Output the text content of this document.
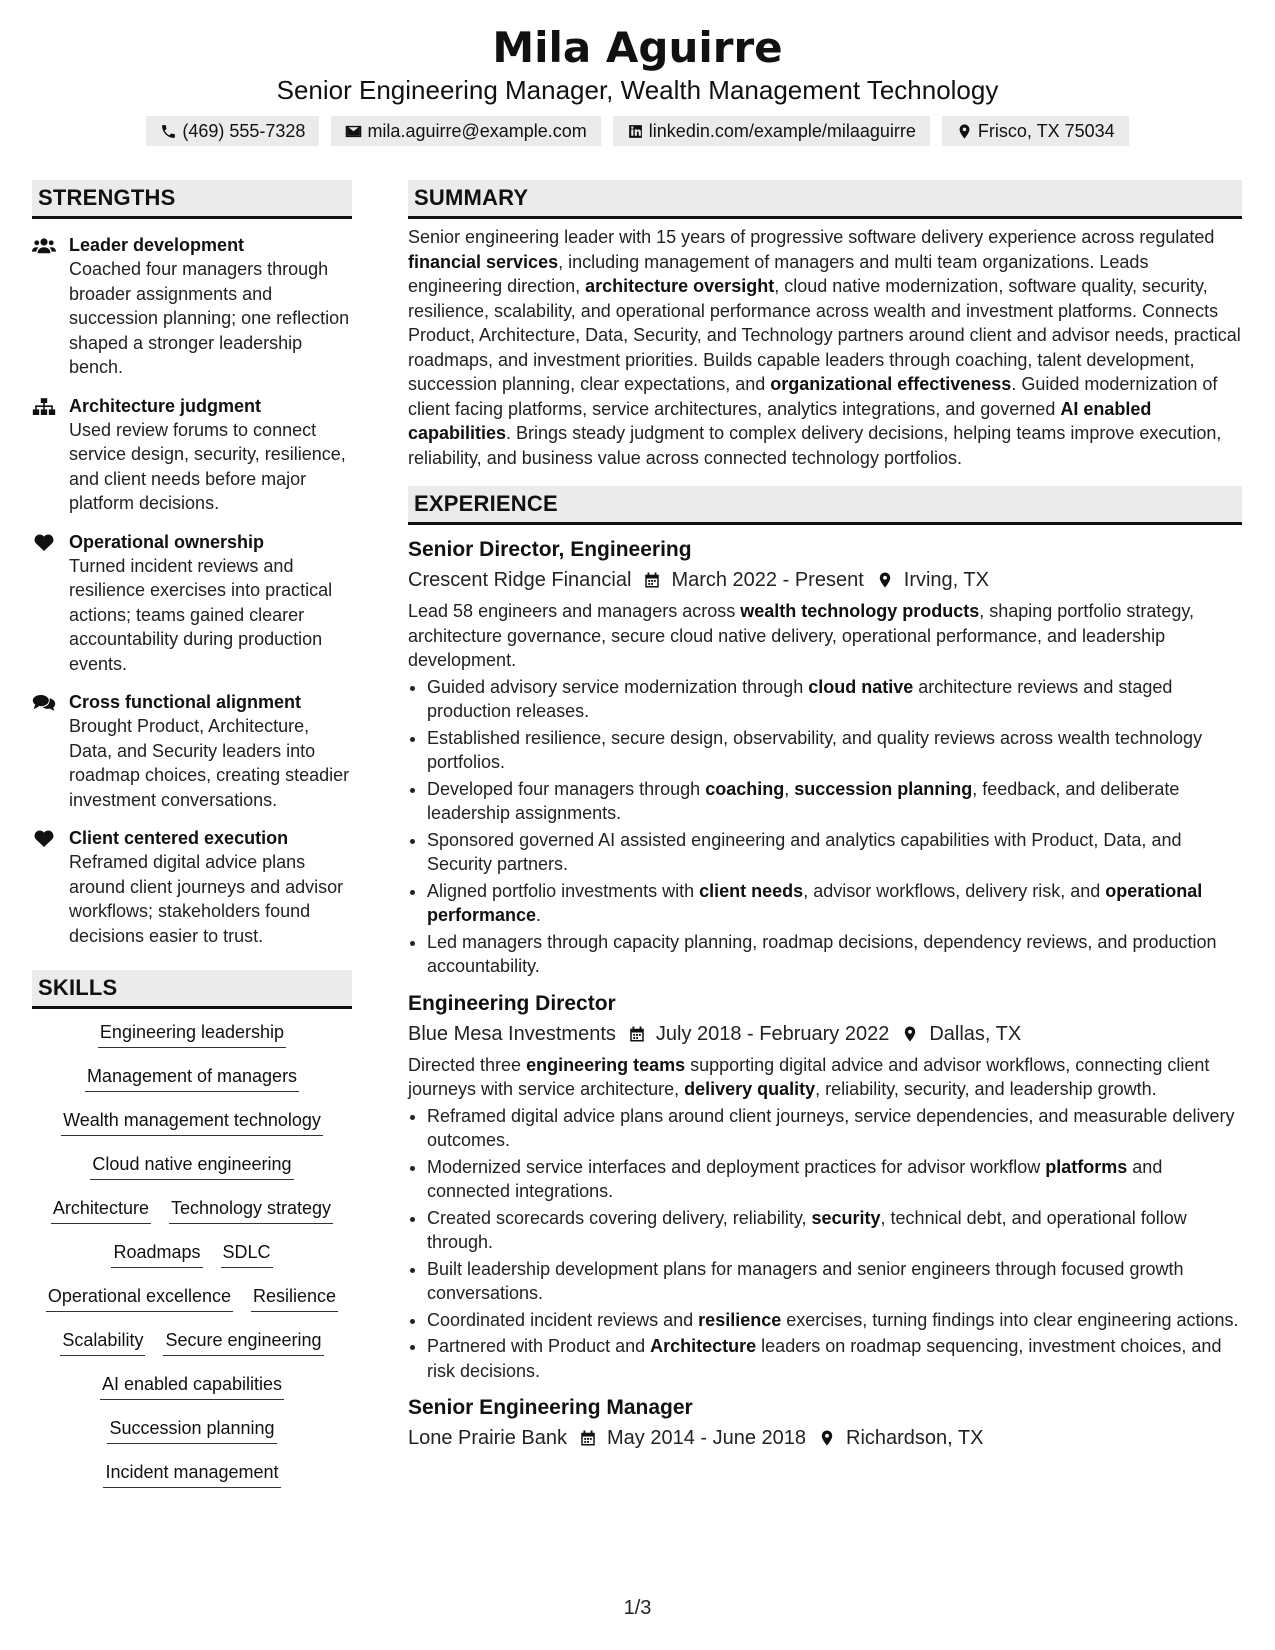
Mila Aguirre
Senior Engineering Manager, Wealth Management Technology
(469) 555-7328	mila.aguirre@example.com	linkedin.com/example/milaaguirre	Frisco, TX 75034
STRENGTHS
Leader development
Coached four managers through broader assignments and succession planning; one reflection shaped a stronger leadership bench.
Architecture judgment
Used review forums to connect service design, security, resilience, and client needs before major platform decisions.
Operational ownership
Turned incident reviews and resilience exercises into practical actions; teams gained clearer accountability during production events.
Cross functional alignment
Brought Product, Architecture, Data, and Security leaders into roadmap choices, creating steadier investment conversations.
Client centered execution
Reframed digital advice plans around client journeys and advisor workflows; stakeholders found decisions easier to trust.
SKILLS
Engineering leadership
Management of managers
Wealth management technology
Cloud native engineering
Architecture Technology strategy
Roadmaps SDLC
Operational excellence Resilience
Scalability Secure engineering
AI enabled capabilities
Succession planning
Incident management
SUMMARY
Senior engineering leader with 15 years of progressive software delivery experience across regulated financial services, including management of managers and multi team organizations. Leads engineering direction, architecture oversight, cloud native modernization, software quality, security, resilience, scalability, and operational performance across wealth and investment platforms. Connects Product, Architecture, Data, Security, and Technology partners around client and advisor needs, practical roadmaps, and investment priorities. Builds capable leaders through coaching, talent development, succession planning, clear expectations, and organizational effectiveness. Guided modernization of client facing platforms, service architectures, analytics integrations, and governed AI enabled capabilities. Brings steady judgment to complex delivery decisions, helping teams improve execution, reliability, and business value across connected technology portfolios.
EXPERIENCE
Senior Director, Engineering
Crescent Ridge Financial March 2022 - Present Irving, TX
Lead 58 engineers and managers across wealth technology products, shaping portfolio strategy, architecture governance, secure cloud native delivery, operational performance, and leadership development.
• Guided advisory service modernization through cloud native architecture reviews and staged production releases.
• Established resilience, secure design, observability, and quality reviews across wealth technology portfolios.
• Developed four managers through coaching, succession planning, feedback, and deliberate leadership assignments.
• Sponsored governed AI assisted engineering and analytics capabilities with Product, Data, and Security partners.
• Aligned portfolio investments with client needs, advisor workflows, delivery risk, and operational performance.
• Led managers through capacity planning, roadmap decisions, dependency reviews, and production accountability.
Engineering Director
Blue Mesa Investments July 2018 - February 2022 Dallas, TX
Directed three engineering teams supporting digital advice and advisor workflows, connecting client journeys with service architecture, delivery quality, reliability, security, and leadership growth.
• Reframed digital advice plans around client journeys, service dependencies, and measurable delivery outcomes.
• Modernized service interfaces and deployment practices for advisor workflow platforms and connected integrations.
• Created scorecards covering delivery, reliability, security, technical debt, and operational follow through.
• Built leadership development plans for managers and senior engineers through focused growth conversations.
• Coordinated incident reviews and resilience exercises, turning findings into clear engineering actions.
• Partnered with Product and Architecture leaders on roadmap sequencing, investment choices, and risk decisions.
Senior Engineering Manager
Lone Prairie Bank May 2014 - June 2018 Richardson, TX
1/3
